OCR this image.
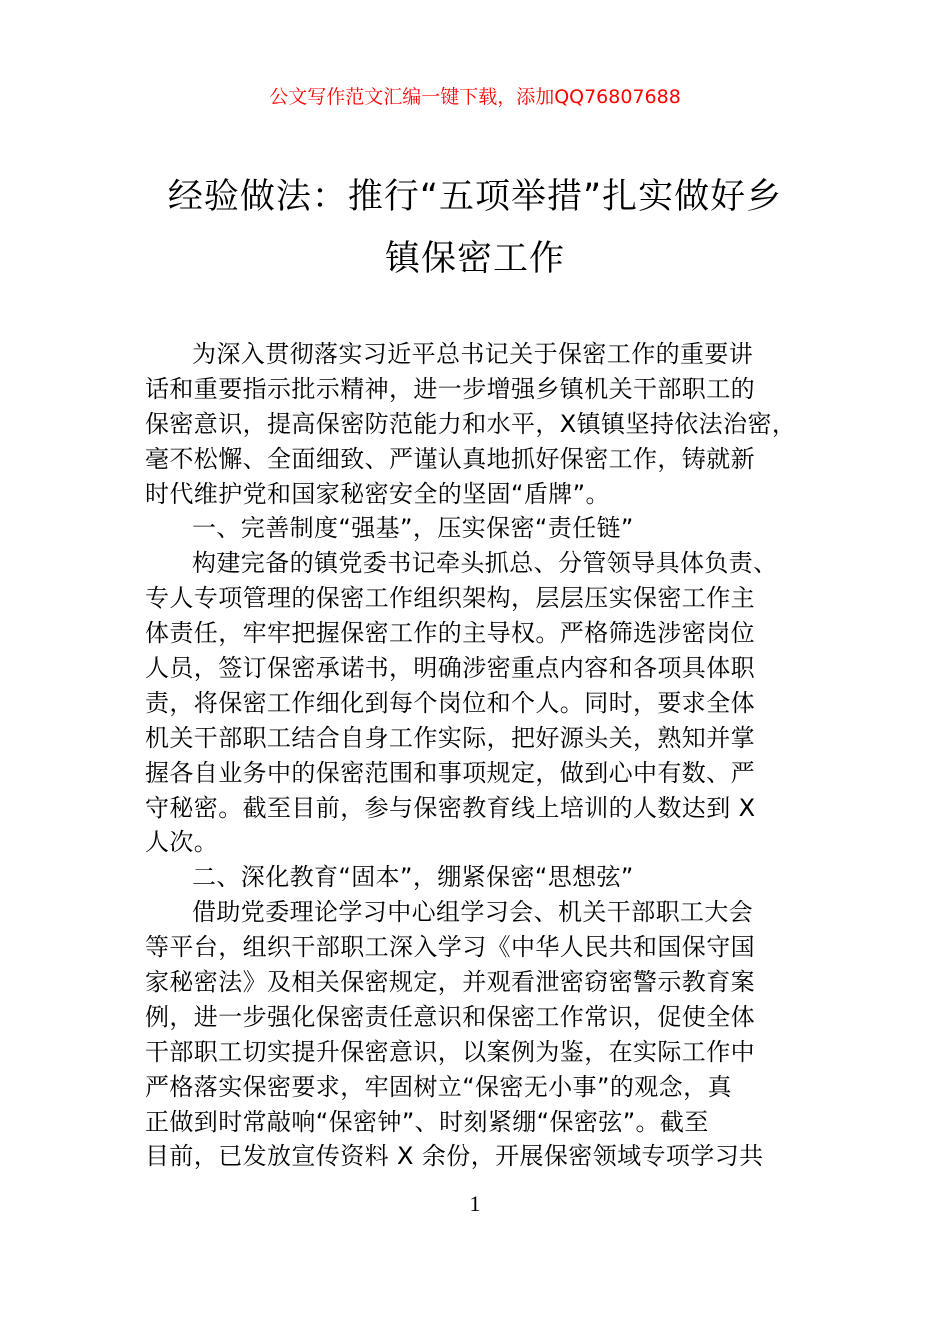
公文写作范文汇编一键下载，添加QQ76807688
经验做法：推行“五项举措”扎实做好乡
镇保密工作
为深入贯彻落实习近平总书记关于保密工作的重要讲
话和重要指示批示精神，进一步增强乡镇机关干部职工的
保密意识，提高保密防范能力和水平，X镇镇坚持依法治密，
毫不松懈、全面细致、严谨认真地抓好保密工作，铸就新
时代维护党和国家秘密安全的坚固“盾牌”。
一、完善制度“强基”，压实保密“责任链”
构建完备的镇党委书记牵头抓总、分管领导具体负责、
专人专项管理的保密工作组织架构，层层压实保密工作主
体责任，牢牢把握保密工作的主导权。严格筛选涉密岗位
人员，签订保密承诺书，明确涉密重点内容和各项具体职
责，将保密工作细化到每个岗位和个人。同时，要求全体
机关干部职工结合自身工作实际，把好源头关，熟知并掌
握各自业务中的保密范围和事项规定，做到心中有数、严
守秘密。截至目前，参与保密教育线上培训的人数达到 X
人次。
二、深化教育“固本”，绷紧保密“思想弦”
借助党委理论学习中心组学习会、机关干部职工大会
等平台，组织干部职工深入学习《中华人民共和国保守国
家秘密法》及相关保密规定，并观看泄密窃密警示教育案
例，进一步强化保密责任意识和保密工作常识，促使全体
干部职工切实提升保密意识，以案例为鉴，在实际工作中
严格落实保密要求，牢固树立“保密无小事”的观念，真
正做到时常敲响“保密钟”、时刻紧绷“保密弦”。截至
目前，已发放宣传资料 X 余份，开展保密领域专项学习共
1
